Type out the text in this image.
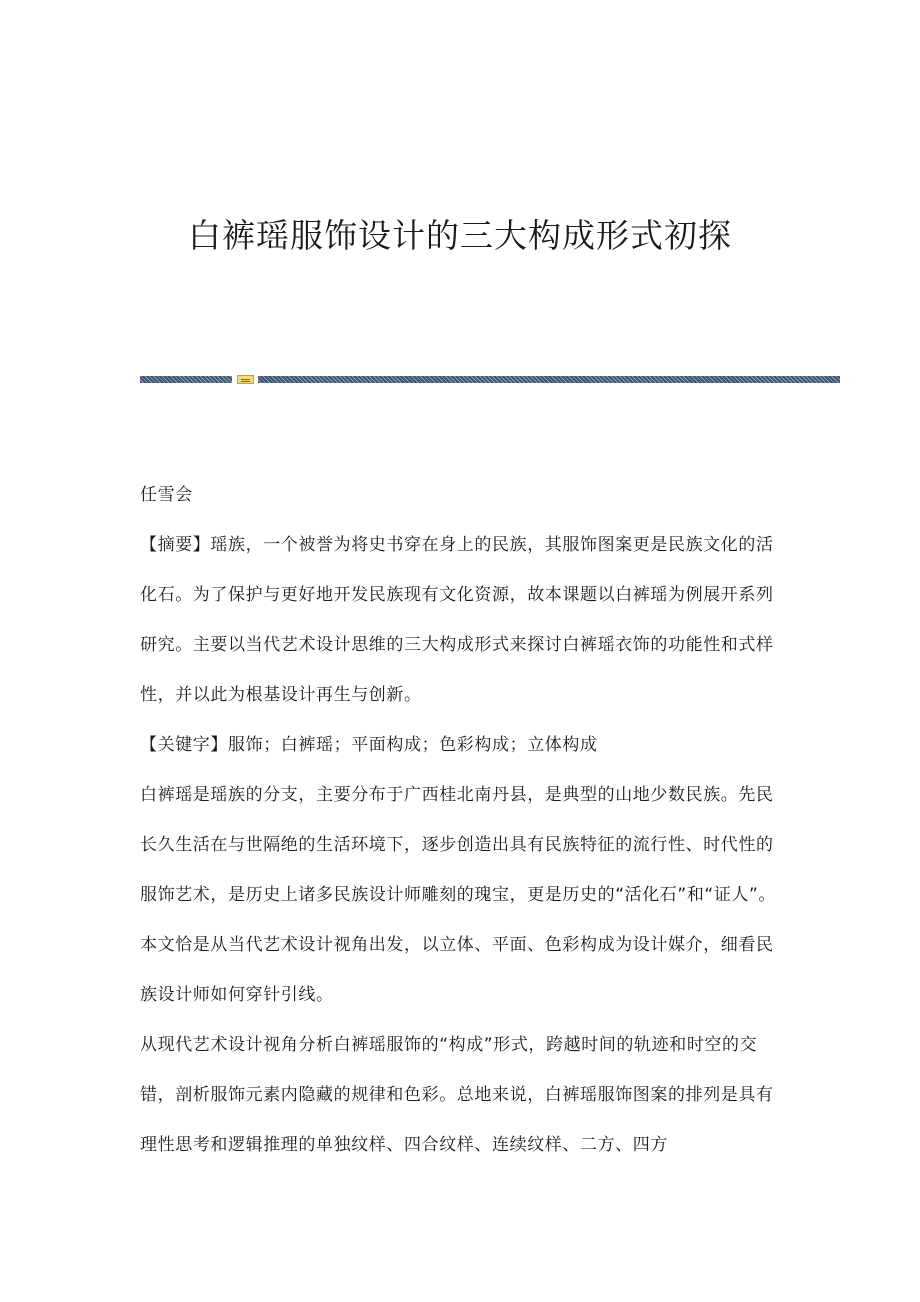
白裤瑶服饰设计的三大构成形式初探

任雪会

【摘要】瑶族，一个被誉为将史书穿在身上的民族，其服饰图案更是民族文化的活化石。为了保护与更好地开发民族现有文化资源，故本课题以白裤瑶为例展开系列研究。主要以当代艺术设计思维的三大构成形式来探讨白裤瑶衣饰的功能性和式样性，并以此为根基设计再生与创新。

【关键字】服饰；白裤瑶；平面构成；色彩构成；立体构成

白裤瑶是瑶族的分支，主要分布于广西桂北南丹县，是典型的山地少数民族。先民长久生活在与世隔绝的生活环境下，逐步创造出具有民族特征的流行性、时代性的服饰艺术，是历史上诸多民族设计师雕刻的瑰宝，更是历史的“活化石”和“证人”。本文恰是从当代艺术设计视角出发，以立体、平面、色彩构成为设计媒介，细看民族设计师如何穿针引线。

从现代艺术设计视角分析白裤瑶服饰的“构成”形式，跨越时间的轨迹和时空的交错，剖析服饰元素内隐藏的规律和色彩。总地来说，白裤瑶服饰图案的排列是具有理性思考和逻辑推理的单独纹样、四合纹样、连续纹样、二方、四方
